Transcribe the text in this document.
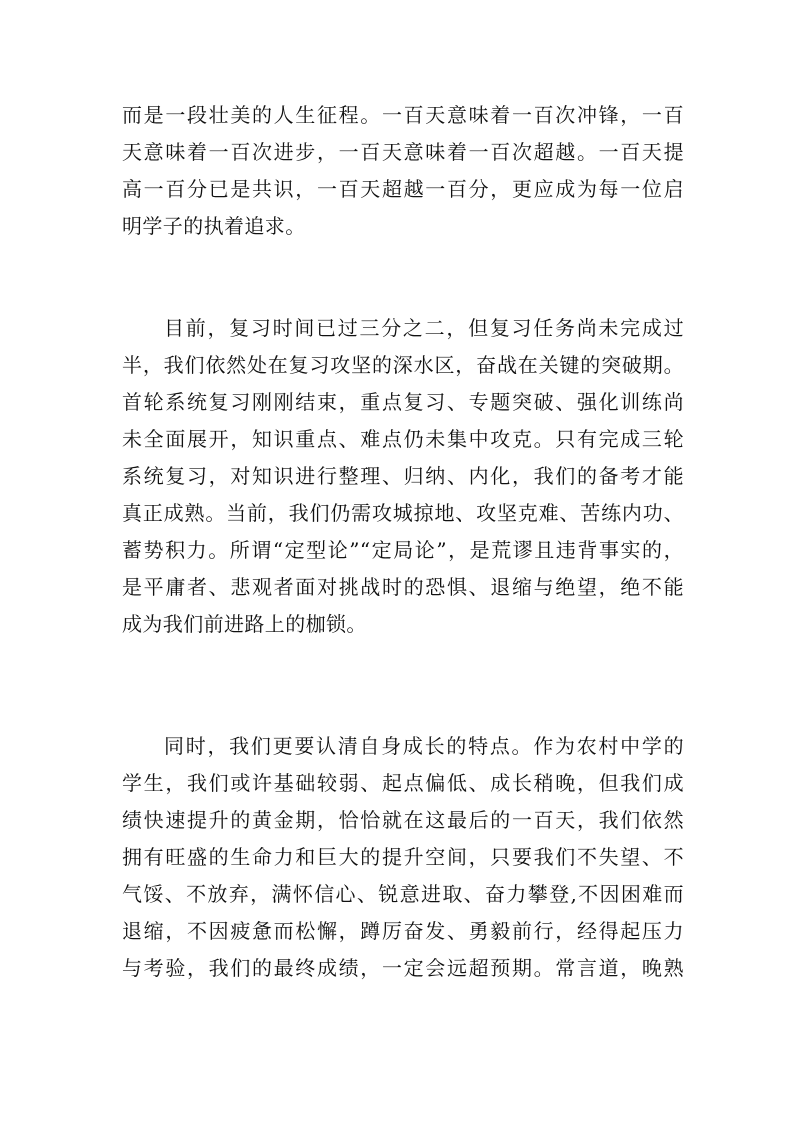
而是一段壮美的人生征程。一百天意味着一百次冲锋，一百
天意味着一百次进步，一百天意味着一百次超越。一百天提
高一百分已是共识，一百天超越一百分，更应成为每一位启
明学子的执着追求。
目前，复习时间已过三分之二，但复习任务尚未完成过
半，我们依然处在复习攻坚的深水区，奋战在关键的突破期。
首轮系统复习刚刚结束，重点复习、专题突破、强化训练尚
未全面展开，知识重点、难点仍未集中攻克。只有完成三轮
系统复习，对知识进行整理、归纳、内化，我们的备考才能
真正成熟。当前，我们仍需攻城掠地、攻坚克难、苦练内功、
蓄势积力。所谓“定型论”“定局论”，是荒谬且违背事实的，
是平庸者、悲观者面对挑战时的恐惧、退缩与绝望，绝不能
成为我们前进路上的枷锁。
同时，我们更要认清自身成长的特点。作为农村中学的
学生，我们或许基础较弱、起点偏低、成长稍晚，但我们成
绩快速提升的黄金期，恰恰就在这最后的一百天，我们依然
拥有旺盛的生命力和巨大的提升空间，只要我们不失望、不
气馁、不放弃，满怀信心、锐意进取、奋力攀登,不因困难而
退缩，不因疲惫而松懈，蹲厉奋发、勇毅前行，经得起压力
与考验，我们的最终成绩，一定会远超预期。常言道，晚熟
